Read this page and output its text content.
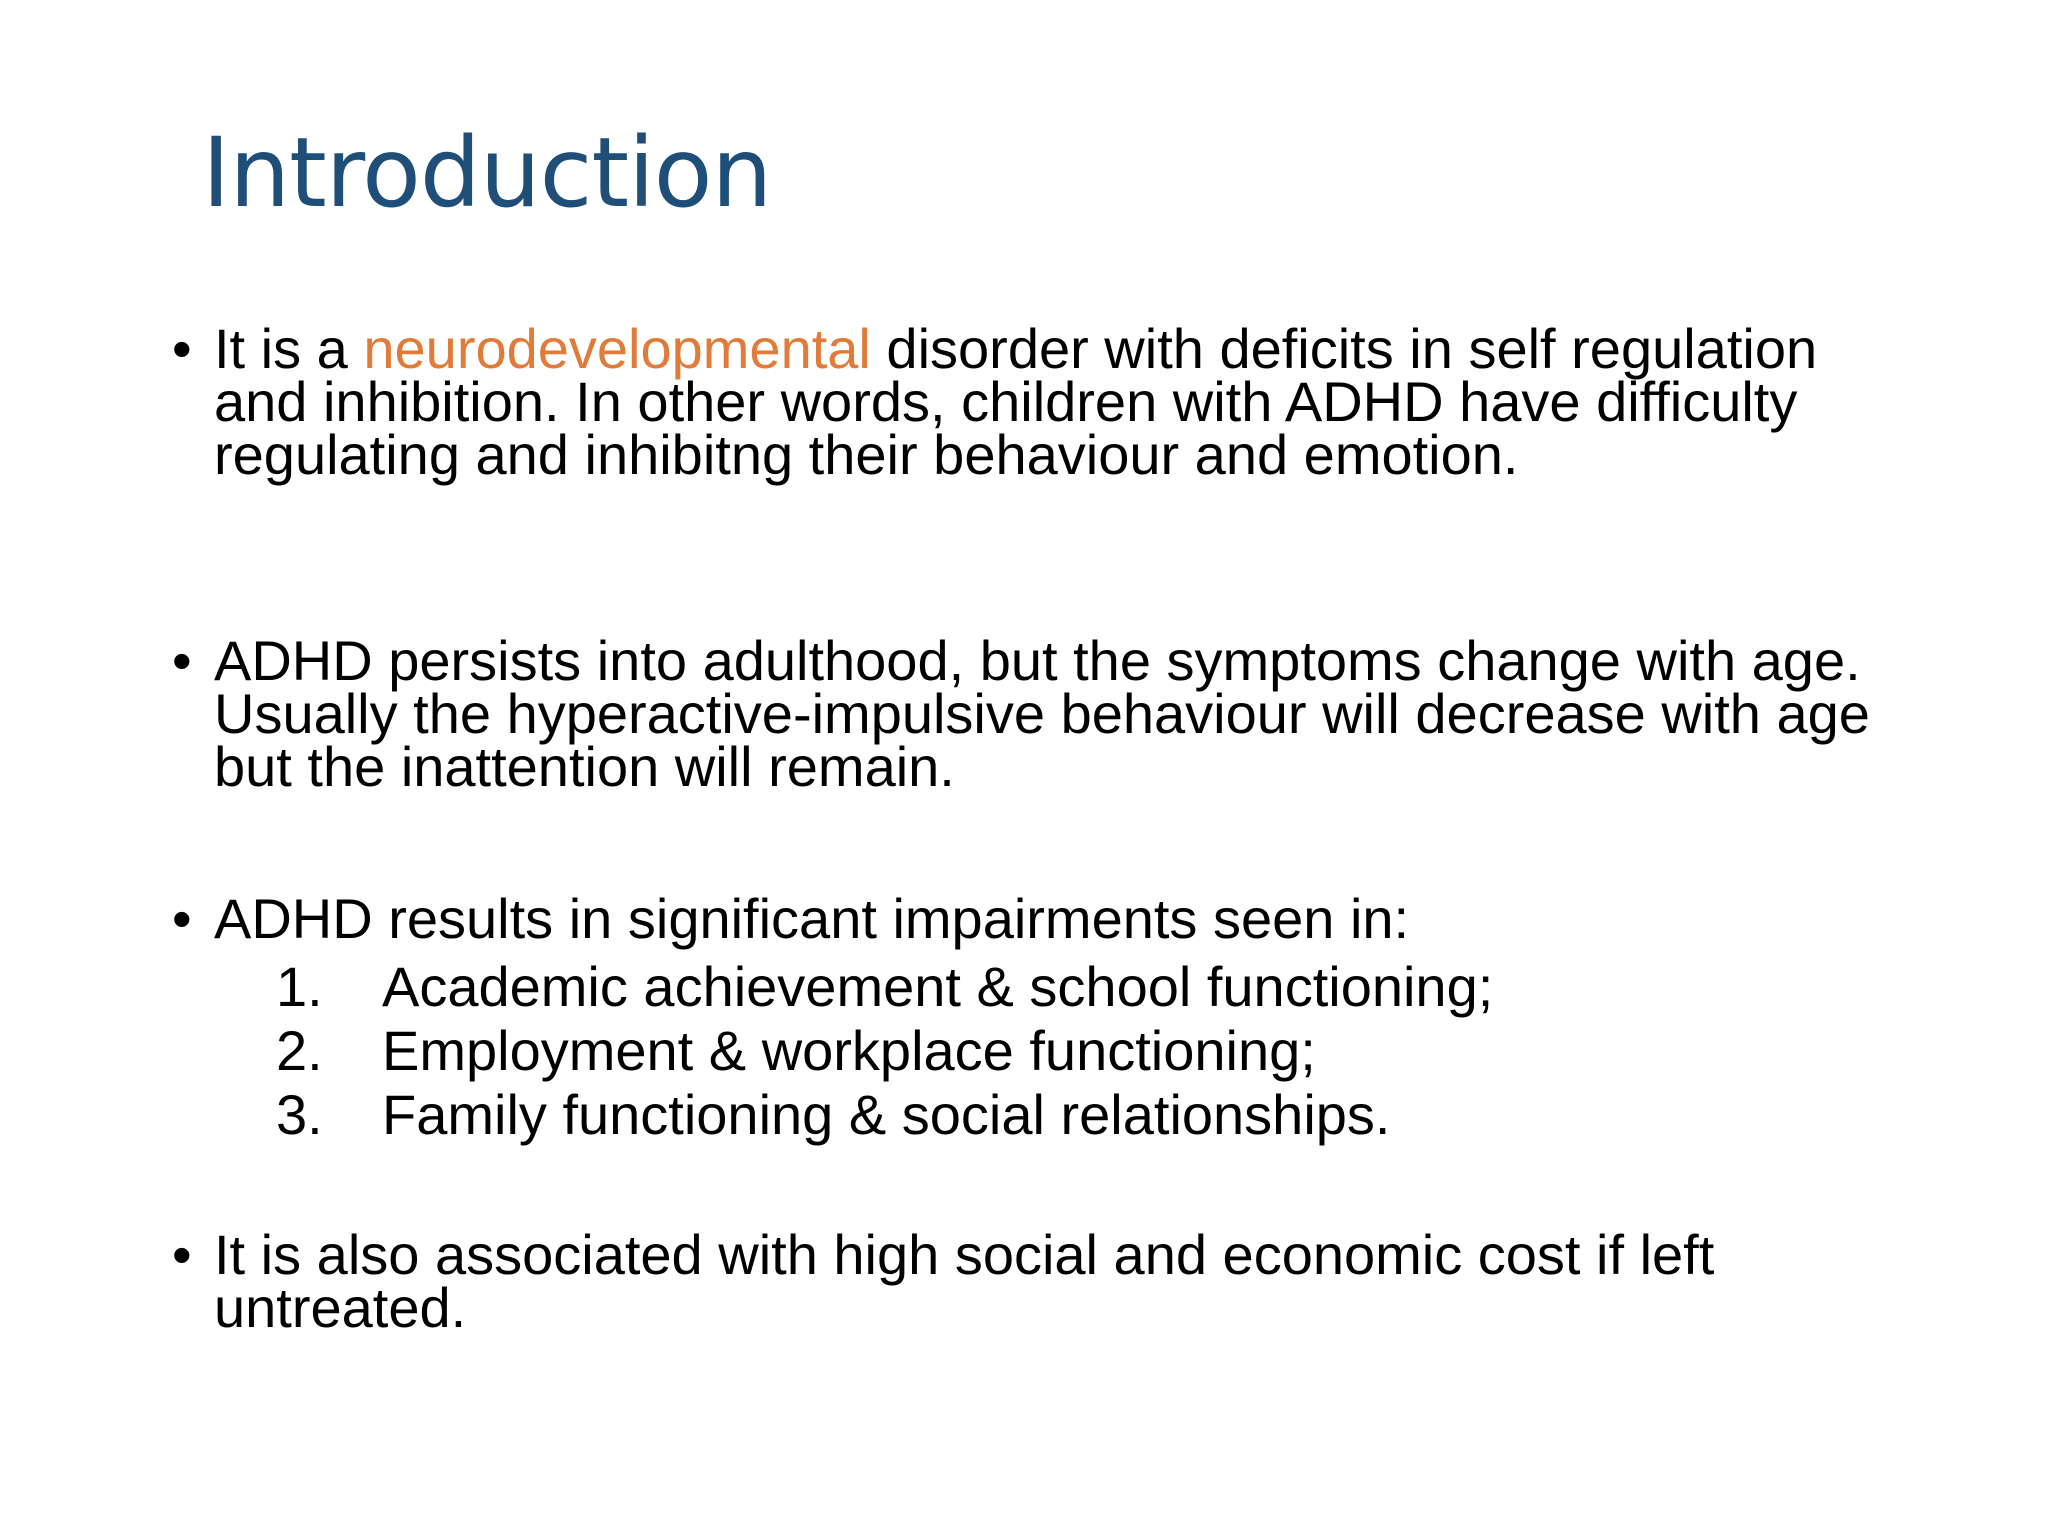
Introduction
• It is a neurodevelopmental disorder with deficits in self regulation and inhibition. In other words, children with ADHD have difficulty regulating and inhibitng their behaviour and emotion.
• ADHD persists into adulthood, but the symptoms change with age. Usually the hyperactive-impulsive behaviour will decrease with age but the inattention will remain.
• ADHD results in significant impairments seen in:
1. Academic achievement & school functioning;
2. Employment & workplace functioning;
3. Family functioning & social relationships.
• It is also associated with high social and economic cost if left untreated.
